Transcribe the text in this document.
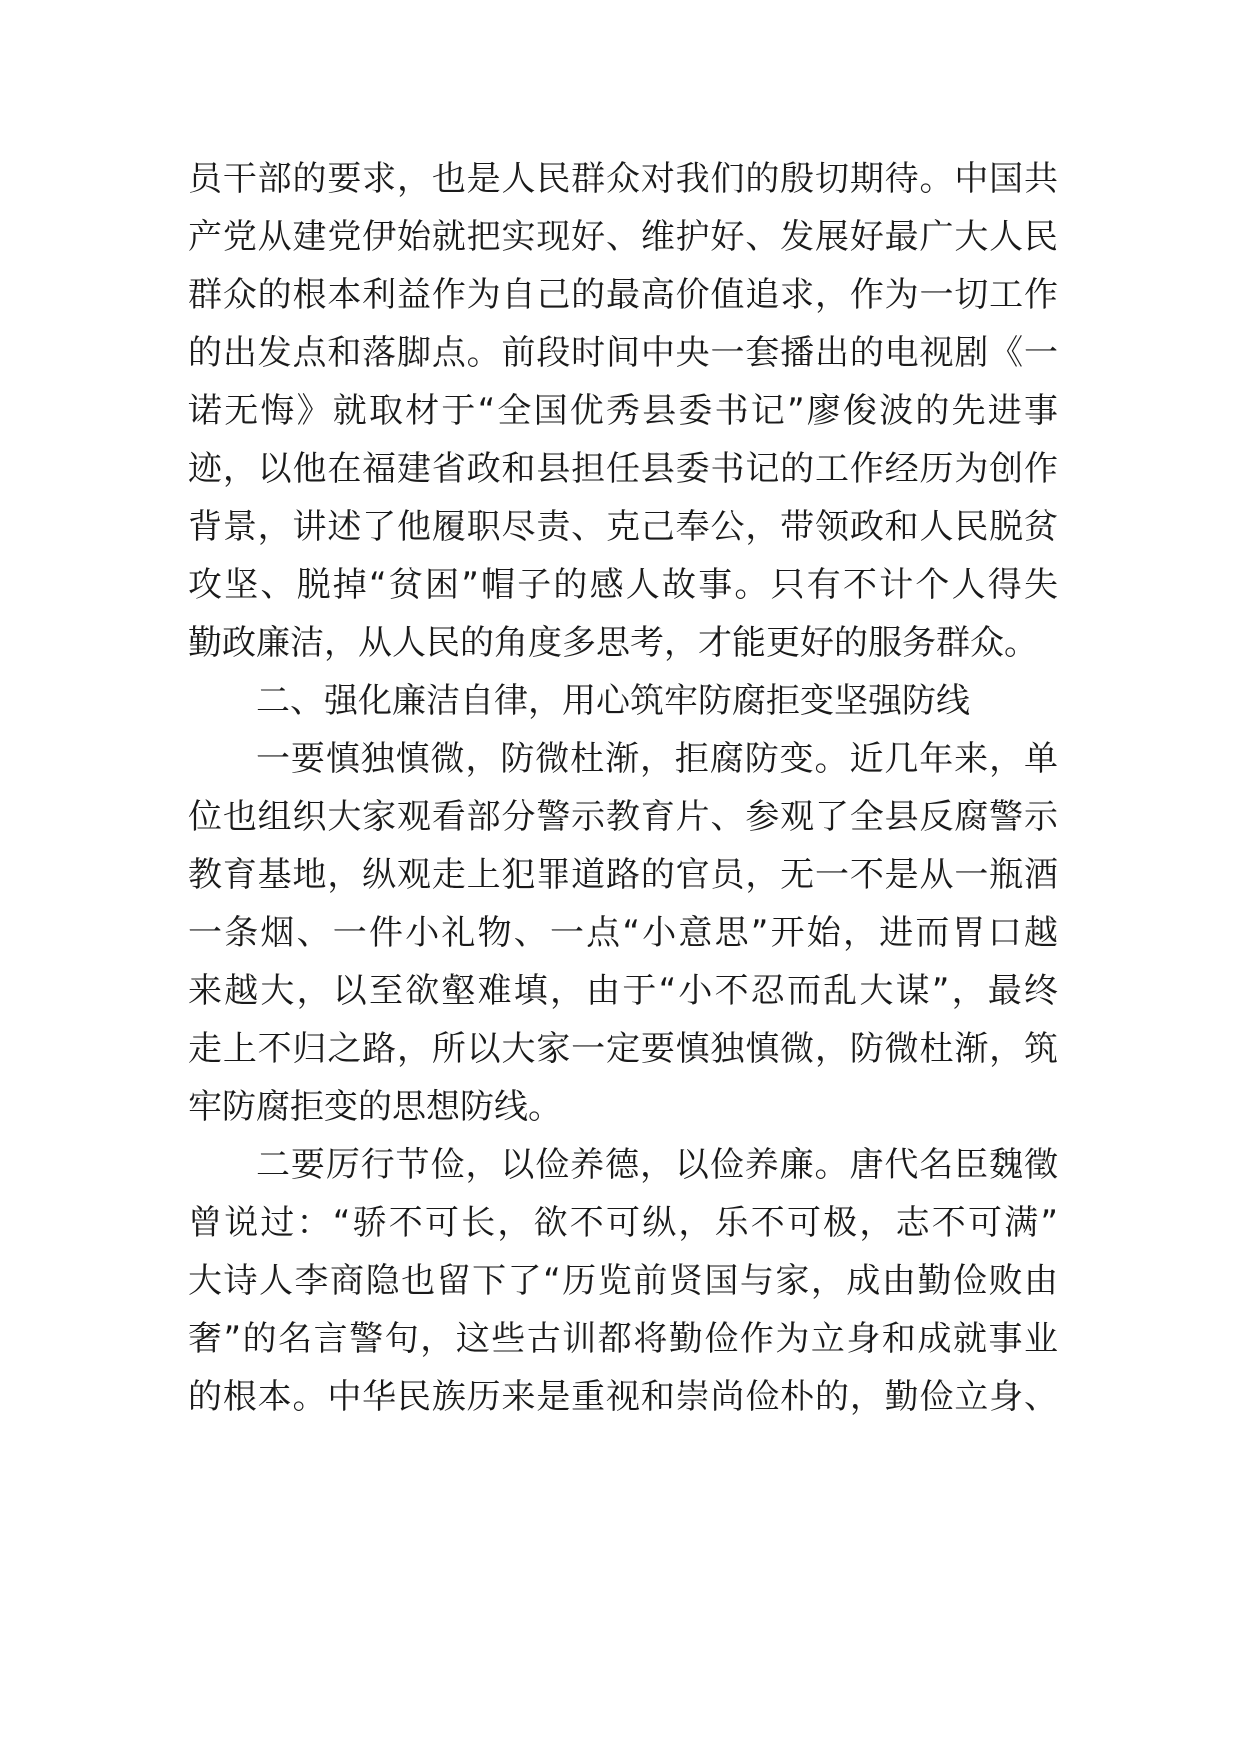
员干部的要求，也是人民群众对我们的殷切期待。中国共
产党从建党伊始就把实现好、维护好、发展好最广大人民
群众的根本利益作为自己的最高价值追求，作为一切工作
的出发点和落脚点。前段时间中央一套播出的电视剧《一
诺无悔》就取材于“全国优秀县委书记”廖俊波的先进事
迹，以他在福建省政和县担任县委书记的工作经历为创作
背景，讲述了他履职尽责、克己奉公，带领政和人民脱贫
攻坚、脱掉“贫困”帽子的感人故事。只有不计个人得失
勤政廉洁，从人民的角度多思考，才能更好的服务群众。
二、强化廉洁自律，用心筑牢防腐拒变坚强防线
一要慎独慎微，防微杜渐，拒腐防变。近几年来，单
位也组织大家观看部分警示教育片、参观了全县反腐警示
教育基地，纵观走上犯罪道路的官员，无一不是从一瓶酒
一条烟、一件小礼物、一点“小意思”开始，进而胃口越
来越大，以至欲壑难填，由于“小不忍而乱大谋”，最终
走上不归之路，所以大家一定要慎独慎微，防微杜渐，筑
牢防腐拒变的思想防线。
二要厉行节俭，以俭养德，以俭养廉。唐代名臣魏徵
曾说过：“骄不可长，欲不可纵，乐不可极，志不可满”
大诗人李商隐也留下了“历览前贤国与家，成由勤俭败由
奢”的名言警句，这些古训都将勤俭作为立身和成就事业
的根本。中华民族历来是重视和崇尚俭朴的，勤俭立身、
